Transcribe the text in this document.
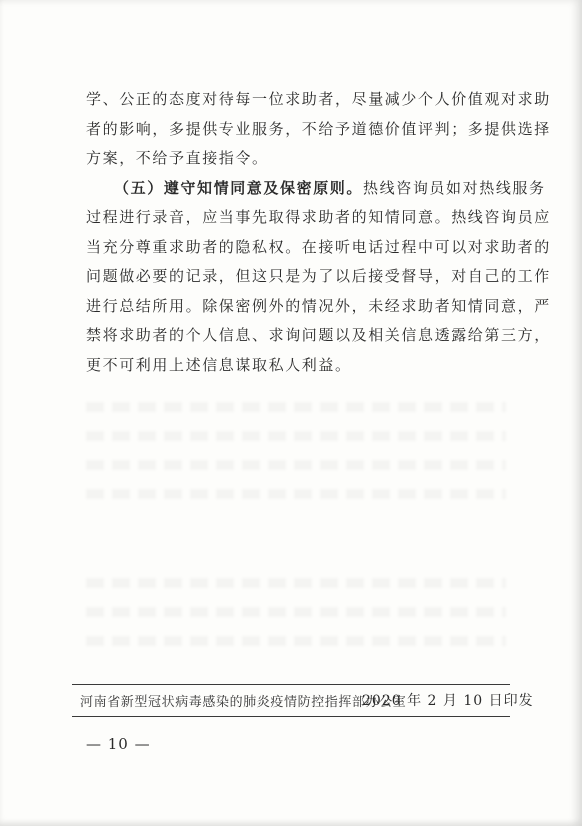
学、公正的态度对待每一位求助者，尽量减少个人价值观对求助
者的影响，多提供专业服务，不给予道德价值评判；多提供选择
方案，不给予直接指令。
（五）遵守知情同意及保密原则。热线咨询员如对热线服务
过程进行录音，应当事先取得求助者的知情同意。热线咨询员应
当充分尊重求助者的隐私权。在接听电话过程中可以对求助者的
问题做必要的记录，但这只是为了以后接受督导，对自己的工作
进行总结所用。除保密例外的情况外，未经求助者知情同意，严
禁将求助者的个人信息、求询问题以及相关信息透露给第三方，
更不可利用上述信息谋取私人利益。
河南省新型冠状病毒感染的肺炎疫情防控指挥部办公室
2020 年 2 月 10 日印发
— 10 —
